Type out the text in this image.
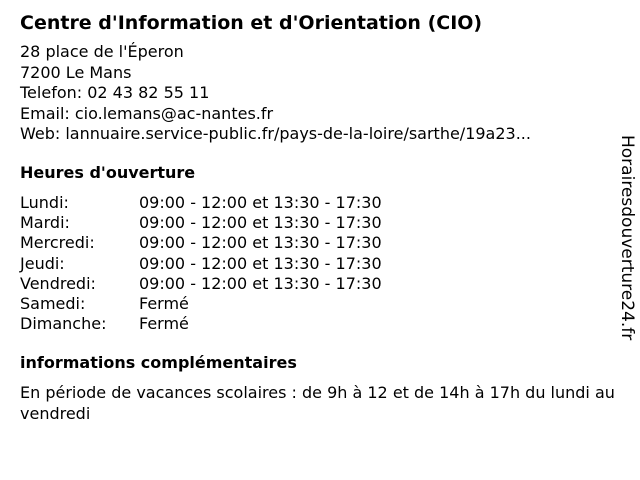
Centre d'Information et d'Orientation (CIO)
28 place de l'Éperon
7200 Le Mans
Telefon: 02 43 82 55 11
Email: cio.lemans@ac-nantes.fr
Web: lannuaire.service-public.fr/pays-de-la-loire/sarthe/19a23...
Heures d'ouverture
Lundi:	09:00 - 12:00 et 13:30 - 17:30
Mardi:	09:00 - 12:00 et 13:30 - 17:30
Mercredi:	09:00 - 12:00 et 13:30 - 17:30
Jeudi:	09:00 - 12:00 et 13:30 - 17:30
Vendredi:	09:00 - 12:00 et 13:30 - 17:30
Samedi:	Fermé
Dimanche:	Fermé
informations complémentaires
En période de vacances scolaires : de 9h à 12 et de 14h à 17h du lundi au vendredi
Horairesdouverture24.fr
